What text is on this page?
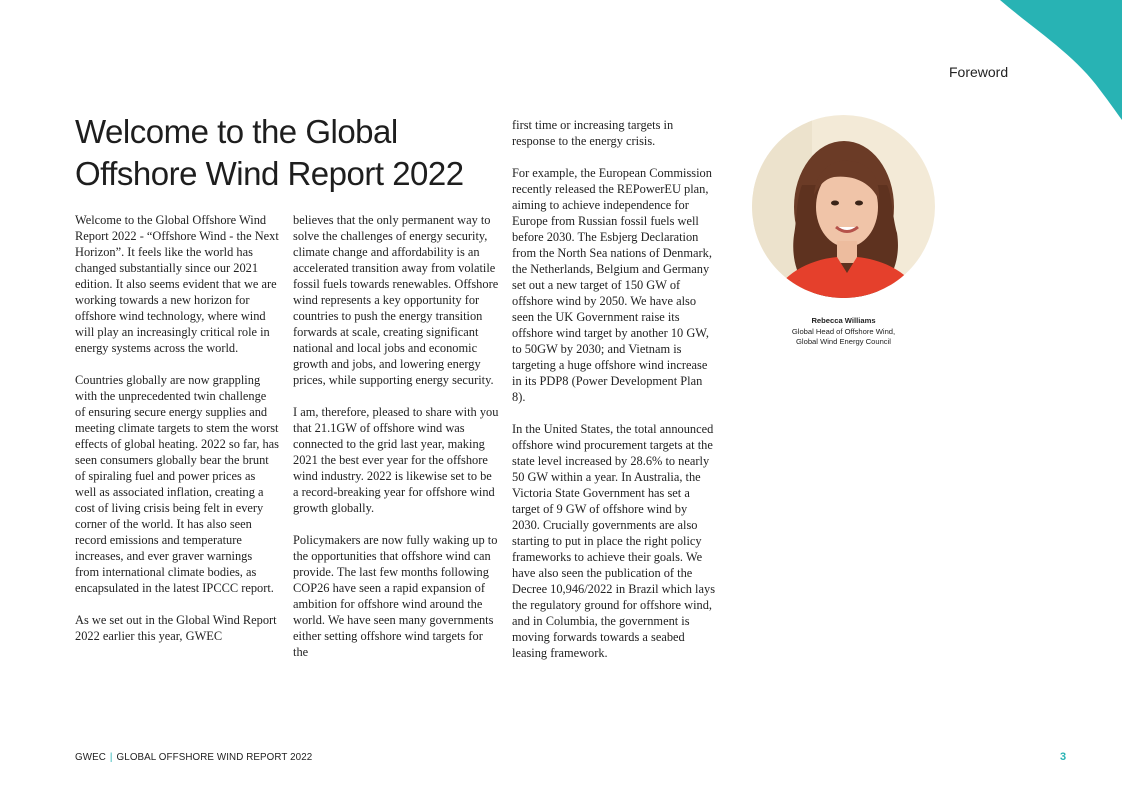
Foreword
Welcome to the Global Offshore Wind Report 2022

Welcome to the Global Offshore Wind Report 2022 - “Offshore Wind - the Next Horizon”. It feels like the world has changed substantially since our 2021 edition. It also seems evident that we are working towards a new horizon for offshore wind technology, where wind will play an increasingly critical role in energy systems across the world.

Countries globally are now grappling with the unprecedented twin challenge of ensuring secure energy supplies and meeting climate targets to stem the worst effects of global heating. 2022 so far, has seen consumers globally bear the brunt of spiraling fuel and power prices as well as associated inflation, creating a cost of living crisis being felt in every corner of the world. It has also seen record emissions and temperature increases, and ever graver warnings from international climate bodies, as encapsulated in the latest IPCCC report.

As we set out in the Global Wind Report 2022 earlier this year, GWEC

believes that the only permanent way to solve the challenges of energy security, climate change and affordability is an accelerated transition away from volatile fossil fuels towards renewables. Offshore wind represents a key opportunity for countries to push the energy transition forwards at scale, creating significant national and local jobs and economic growth and jobs, and lowering energy prices, while supporting energy security.

I am, therefore, pleased to share with you that 21.1GW of offshore wind was connected to the grid last year, making 2021 the best ever year for the offshore wind industry. 2022 is likewise set to be a record-breaking year for offshore wind growth globally.

Policymakers are now fully waking up to the opportunities that offshore wind can provide. The last few months following COP26 have seen a rapid expansion of ambition for offshore wind around the world. We have seen many governments either setting offshore wind targets for the

first time or increasing targets in response to the energy crisis.

For example, the European Commission recently released the REPowerEU plan, aiming to achieve independence for Europe from Russian fossil fuels well before 2030. The Esbjerg Declaration from the North Sea nations of Denmark, the Netherlands, Belgium and Germany set out a new target of 150 GW of offshore wind by 2050. We have also seen the UK Government raise its offshore wind target by another 10 GW, to 50GW by 2030; and Vietnam is targeting a huge offshore wind increase in its PDP8 (Power Development Plan 8).

In the United States, the total announced offshore wind procurement targets at the state level increased by 28.6% to nearly 50 GW within a year. In Australia, the Victoria State Government has set a target of 9 GW of offshore wind by 2030. Crucially governments are also starting to put in place the right policy frameworks to achieve their goals. We have also seen the publication of the Decree 10,946/2022 in Brazil which lays the regulatory ground for offshore wind, and in Columbia, the government is moving forwards towards a seabed leasing framework.

Rebecca Williams
Global Head of Offshore Wind,
Global Wind Energy Council
GWEC | GLOBAL OFFSHORE WIND REPORT 2022	3
